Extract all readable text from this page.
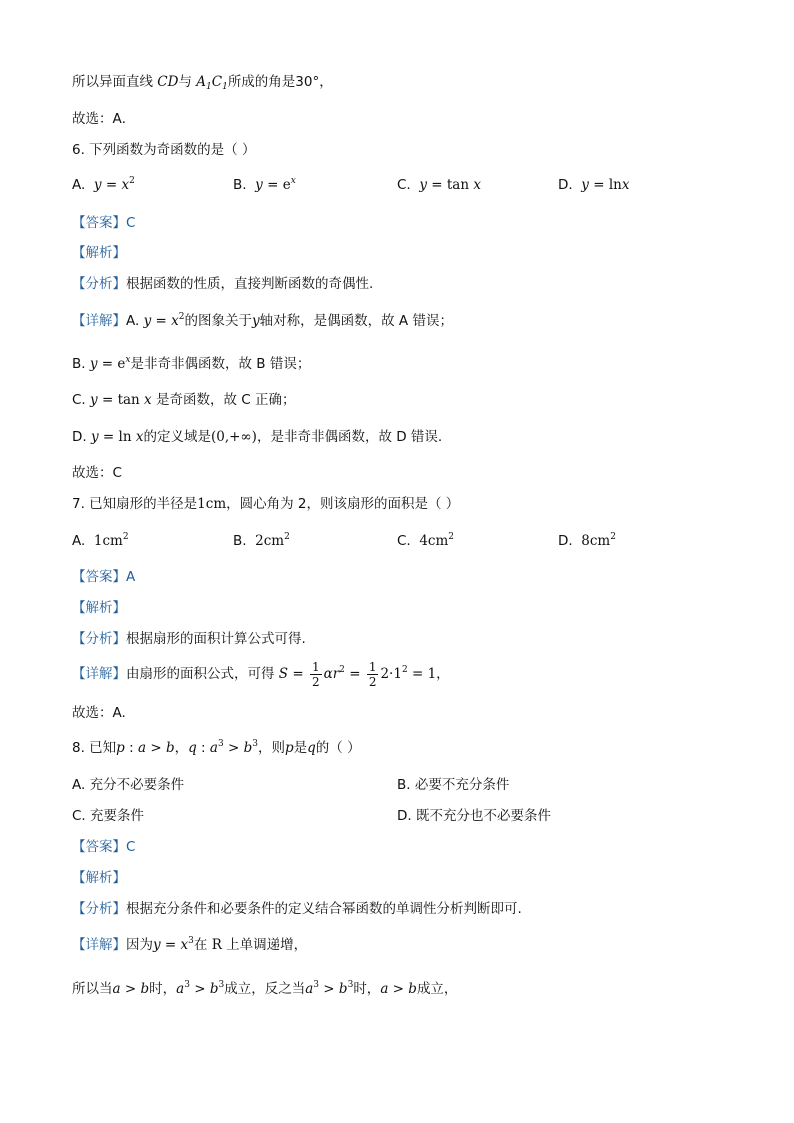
所以异面直线 CD与 $A_1C_1$所成的角是30°，
故选：A．
6. 下列函数为奇函数的是（ ）
A. $y = x^2$	B. $y = e^x$	C. y = tan x	D. y = lnx
【答案】C
【解析】
【分析】根据函数的性质，直接判断函数的奇偶性.
【详解】A. $y = x^2$的图象关于y轴对称，是偶函数，故 A 错误；
B. $y = e^x$是非奇非偶函数，故 B 错误；
C. y = tan x 是奇函数，故 C 正确；
D. y = ln x的定义域是(0,+∞)，是非奇非偶函数，故 D 错误.
故选：C
7. 已知扇形的半径是1cm，圆心角为 2，则该扇形的面积是（ ）
A. $1cm^2$	B. $2cm^2$	C. $4cm^2$	D. $8cm^2$
【答案】A
【解析】
【分析】根据扇形的面积计算公式可得.
【详解】由扇形的面积公式，可得 $S = \frac{1}{2} \alpha r^2 = \frac{1}{2} 2\cdot 1^2 = 1$，
故选：A.
8. 已知p : a > b，q : $a^3 > b^3$，则p是q的（ ）
A. 充分不必要条件	B. 必要不充分条件
C. 充要条件	D. 既不充分也不必要条件
【答案】C
【解析】
【分析】根据充分条件和必要条件的定义结合幂函数的单调性分析判断即可.
【详解】因为$y = x^3$在 R 上单调递增，
所以当a > b时，$a^3 > b^3$成立，反之当$a^3 > b^3$时，a > b成立，
